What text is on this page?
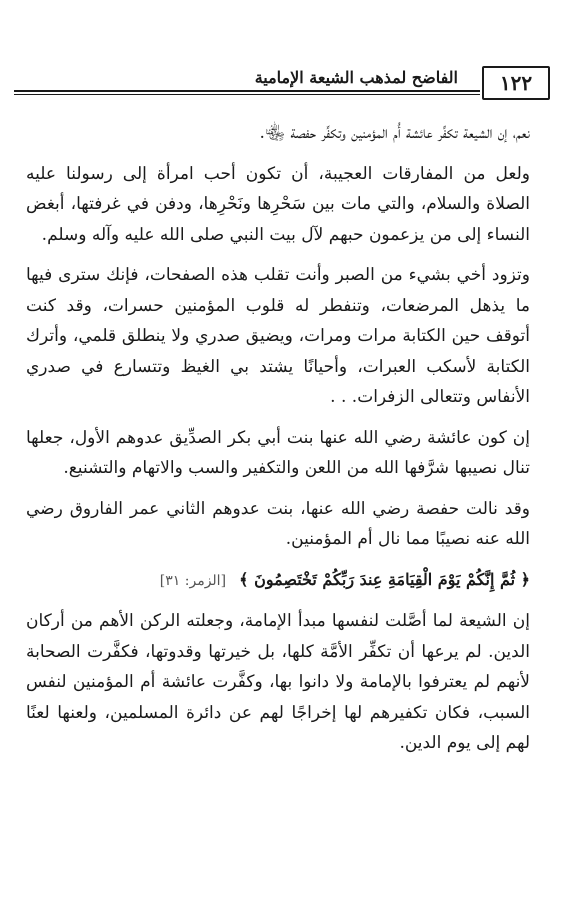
١٢٢
الفاضح لمذهب الشيعة الإمامية

نعم، إن الشيعة تكفِّر عائشة أُم المؤمنين وتكفِّر حفصة ﵄.

ولعل من المفارقات العجيبة، أن تكون أحب امرأة إلى رسولنا عليه الصلاة والسلام، والتي مات بين سَحْرِها ونَحْرِها، ودفن في غرفتها، أبغض النساء إلى من يزعمون حبهم لآل بيت النبي صلى الله عليه وآله وسلم.

وتزود أخي بشيء من الصبر وأنت تقلب هذه الصفحات، فإنك سترى فيها ما يذهل المرضعات، وتنفطر له قلوب المؤمنين حسرات، وقد كنت أتوقف حين الكتابة مرات ومرات، ويضيق صدري ولا ينطلق قلمي، وأترك الكتابة لأسكب العبرات، وأحيانًا يشتد بي الغيظ وتتسارع في صدري الأنفاس وتتعالى الزفرات. . .

إن كون عائشة رضي الله عنها بنت أبي بكر الصدِّيق عدوهم الأول، جعلها تنال نصيبها شرَّفها الله من اللعن والتكفير والسب والاتهام والتشنيع.

وقد نالت حفصة رضي الله عنها، بنت عدوهم الثاني عمر الفاروق رضي الله عنه نصيبًا مما نال أم المؤمنين.

﴿ ثُمَّ إِنَّكُمْ يَوْمَ الْقِيَامَةِ عِندَ رَبِّكُمْ تَخْتَصِمُونَ ﴾ [الزمر: ٣١]

إن الشيعة لما أصَّلت لنفسها مبدأ الإمامة، وجعلته الركن الأهم من أركان الدين. لم يرعها أن تكفِّر الأمَّة كلها، بل خيرتها وقدوتها، فكفَّرت الصحابة لأنهم لم يعترفوا بالإمامة ولا دانوا بها، وكفَّرت عائشة أم المؤمنين لنفس السبب، فكان تكفيرهم لها إخراجًا لهم عن دائرة المسلمين، ولعنها لعنًا لهم إلى يوم الدين.
